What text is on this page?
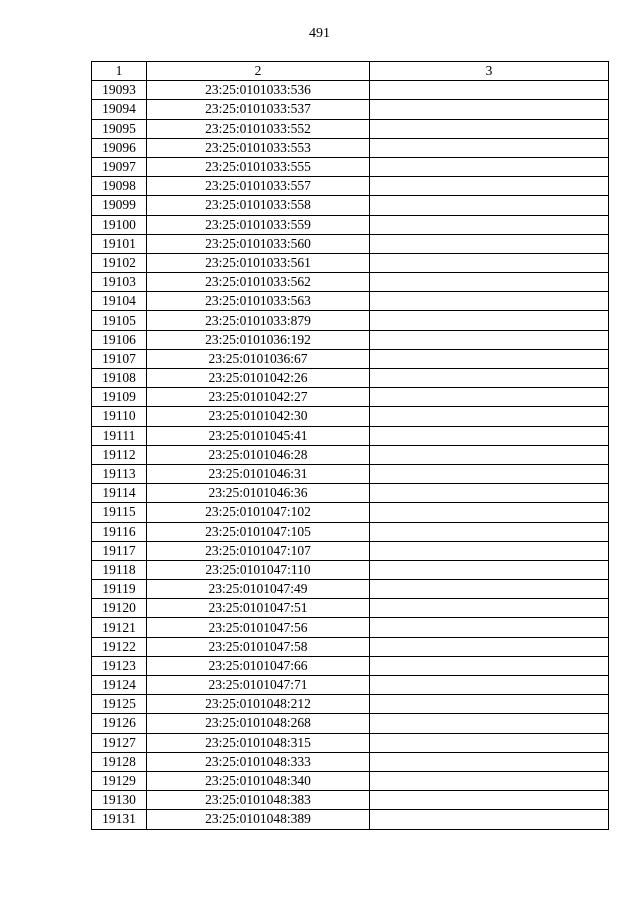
491
1	2	3
19093	23:25:0101033:536	
19094	23:25:0101033:537	
19095	23:25:0101033:552	
19096	23:25:0101033:553	
19097	23:25:0101033:555	
19098	23:25:0101033:557	
19099	23:25:0101033:558	
19100	23:25:0101033:559	
19101	23:25:0101033:560	
19102	23:25:0101033:561	
19103	23:25:0101033:562	
19104	23:25:0101033:563	
19105	23:25:0101033:879	
19106	23:25:0101036:192	
19107	23:25:0101036:67	
19108	23:25:0101042:26	
19109	23:25:0101042:27	
19110	23:25:0101042:30	
19111	23:25:0101045:41	
19112	23:25:0101046:28	
19113	23:25:0101046:31	
19114	23:25:0101046:36	
19115	23:25:0101047:102	
19116	23:25:0101047:105	
19117	23:25:0101047:107	
19118	23:25:0101047:110	
19119	23:25:0101047:49	
19120	23:25:0101047:51	
19121	23:25:0101047:56	
19122	23:25:0101047:58	
19123	23:25:0101047:66	
19124	23:25:0101047:71	
19125	23:25:0101048:212	
19126	23:25:0101048:268	
19127	23:25:0101048:315	
19128	23:25:0101048:333	
19129	23:25:0101048:340	
19130	23:25:0101048:383	
19131	23:25:0101048:389	
